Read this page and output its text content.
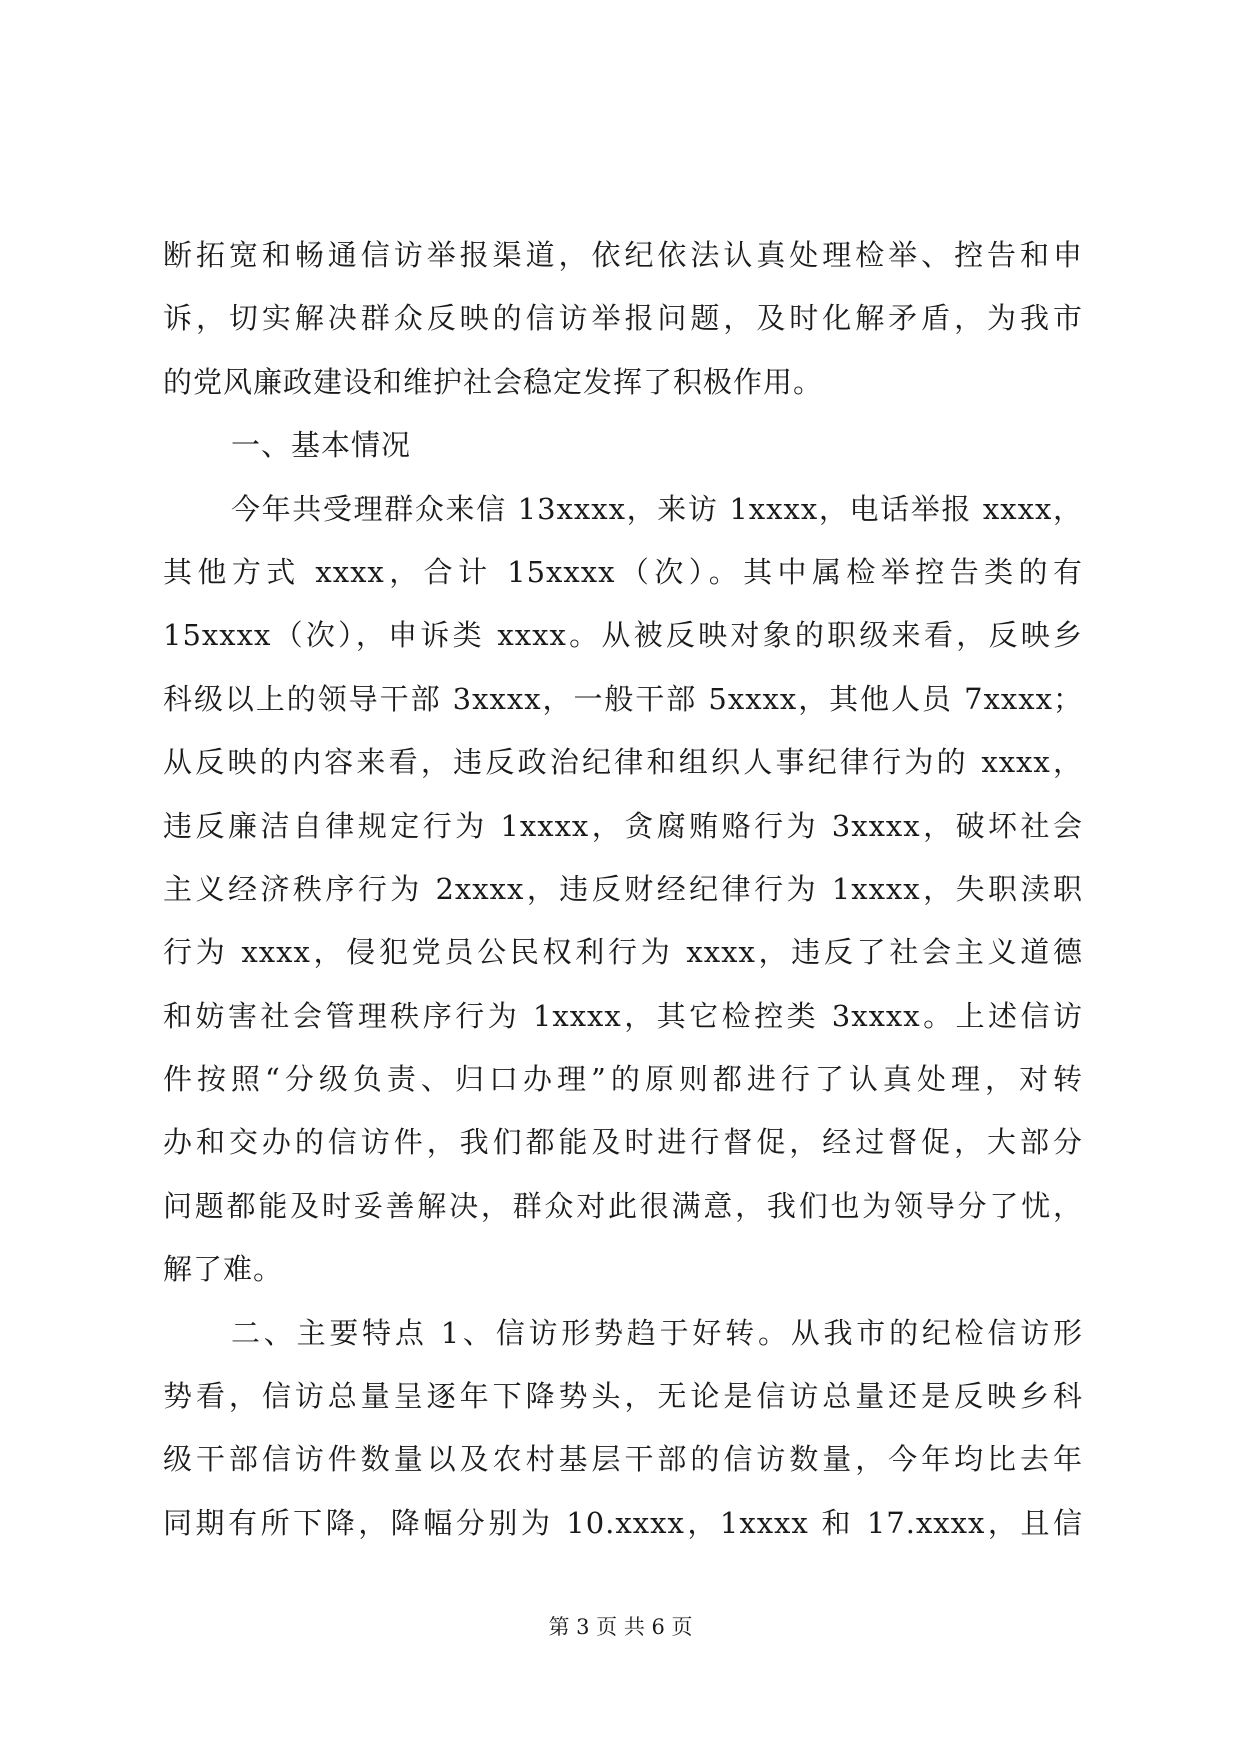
断拓宽和畅通信访举报渠道，依纪依法认真处理检举、控告和申
诉，切实解决群众反映的信访举报问题，及时化解矛盾，为我市
的党风廉政建设和维护社会稳定发挥了积极作用。
一、基本情况
今年共受理群众来信 13xxxx，来访 1xxxx，电话举报 xxxx，
其他方式 xxxx，合计 15xxxx（次）。其中属检举控告类的有
15xxxx（次），申诉类 xxxx。从被反映对象的职级来看，反映乡
科级以上的领导干部 3xxxx，一般干部 5xxxx，其他人员 7xxxx；
从反映的内容来看，违反政治纪律和组织人事纪律行为的 xxxx，
违反廉洁自律规定行为 1xxxx，贪腐贿赂行为 3xxxx，破坏社会
主义经济秩序行为 2xxxx，违反财经纪律行为 1xxxx，失职渎职
行为 xxxx，侵犯党员公民权利行为 xxxx，违反了社会主义道德
和妨害社会管理秩序行为 1xxxx，其它检控类 3xxxx。上述信访
件按照“分级负责、归口办理”的原则都进行了认真处理，对转
办和交办的信访件，我们都能及时进行督促，经过督促，大部分
问题都能及时妥善解决，群众对此很满意，我们也为领导分了忧，
解了难。
二、主要特点 1、信访形势趋于好转。从我市的纪检信访形
势看，信访总量呈逐年下降势头，无论是信访总量还是反映乡科
级干部信访件数量以及农村基层干部的信访数量，今年均比去年
同期有所下降，降幅分别为 10.xxxx，1xxxx 和 17.xxxx，且信
第 3 页 共 6 页
